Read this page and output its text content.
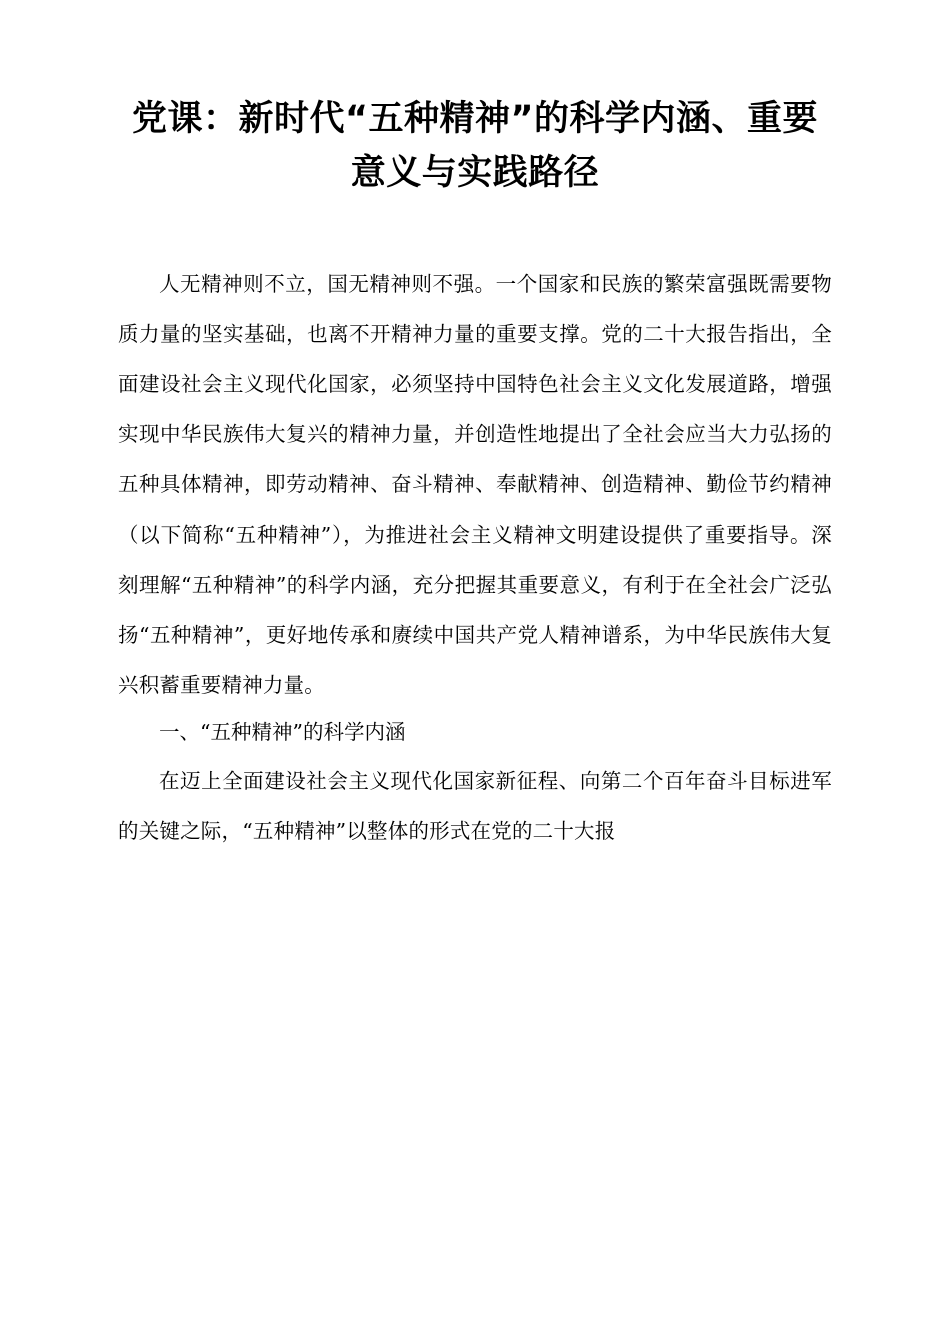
党课：新时代“五种精神”的科学内涵、重要意义与实践路径

人无精神则不立，国无精神则不强。一个国家和民族的繁荣富强既需要物质力量的坚实基础，也离不开精神力量的重要支撑。党的二十大报告指出，全面建设社会主义现代化国家，必须坚持中国特色社会主义文化发展道路，增强实现中华民族伟大复兴的精神力量，并创造性地提出了全社会应当大力弘扬的五种具体精神，即劳动精神、奋斗精神、奉献精神、创造精神、勤俭节约精神（以下简称“五种精神”），为推进社会主义精神文明建设提供了重要指导。深刻理解“五种精神”的科学内涵，充分把握其重要意义，有利于在全社会广泛弘扬“五种精神”，更好地传承和赓续中国共产党人精神谱系，为中华民族伟大复兴积蓄重要精神力量。

一、“五种精神”的科学内涵

在迈上全面建设社会主义现代化国家新征程、向第二个百年奋斗目标进军的关键之际，“五种精神”以整体的形式在党的二十大报
